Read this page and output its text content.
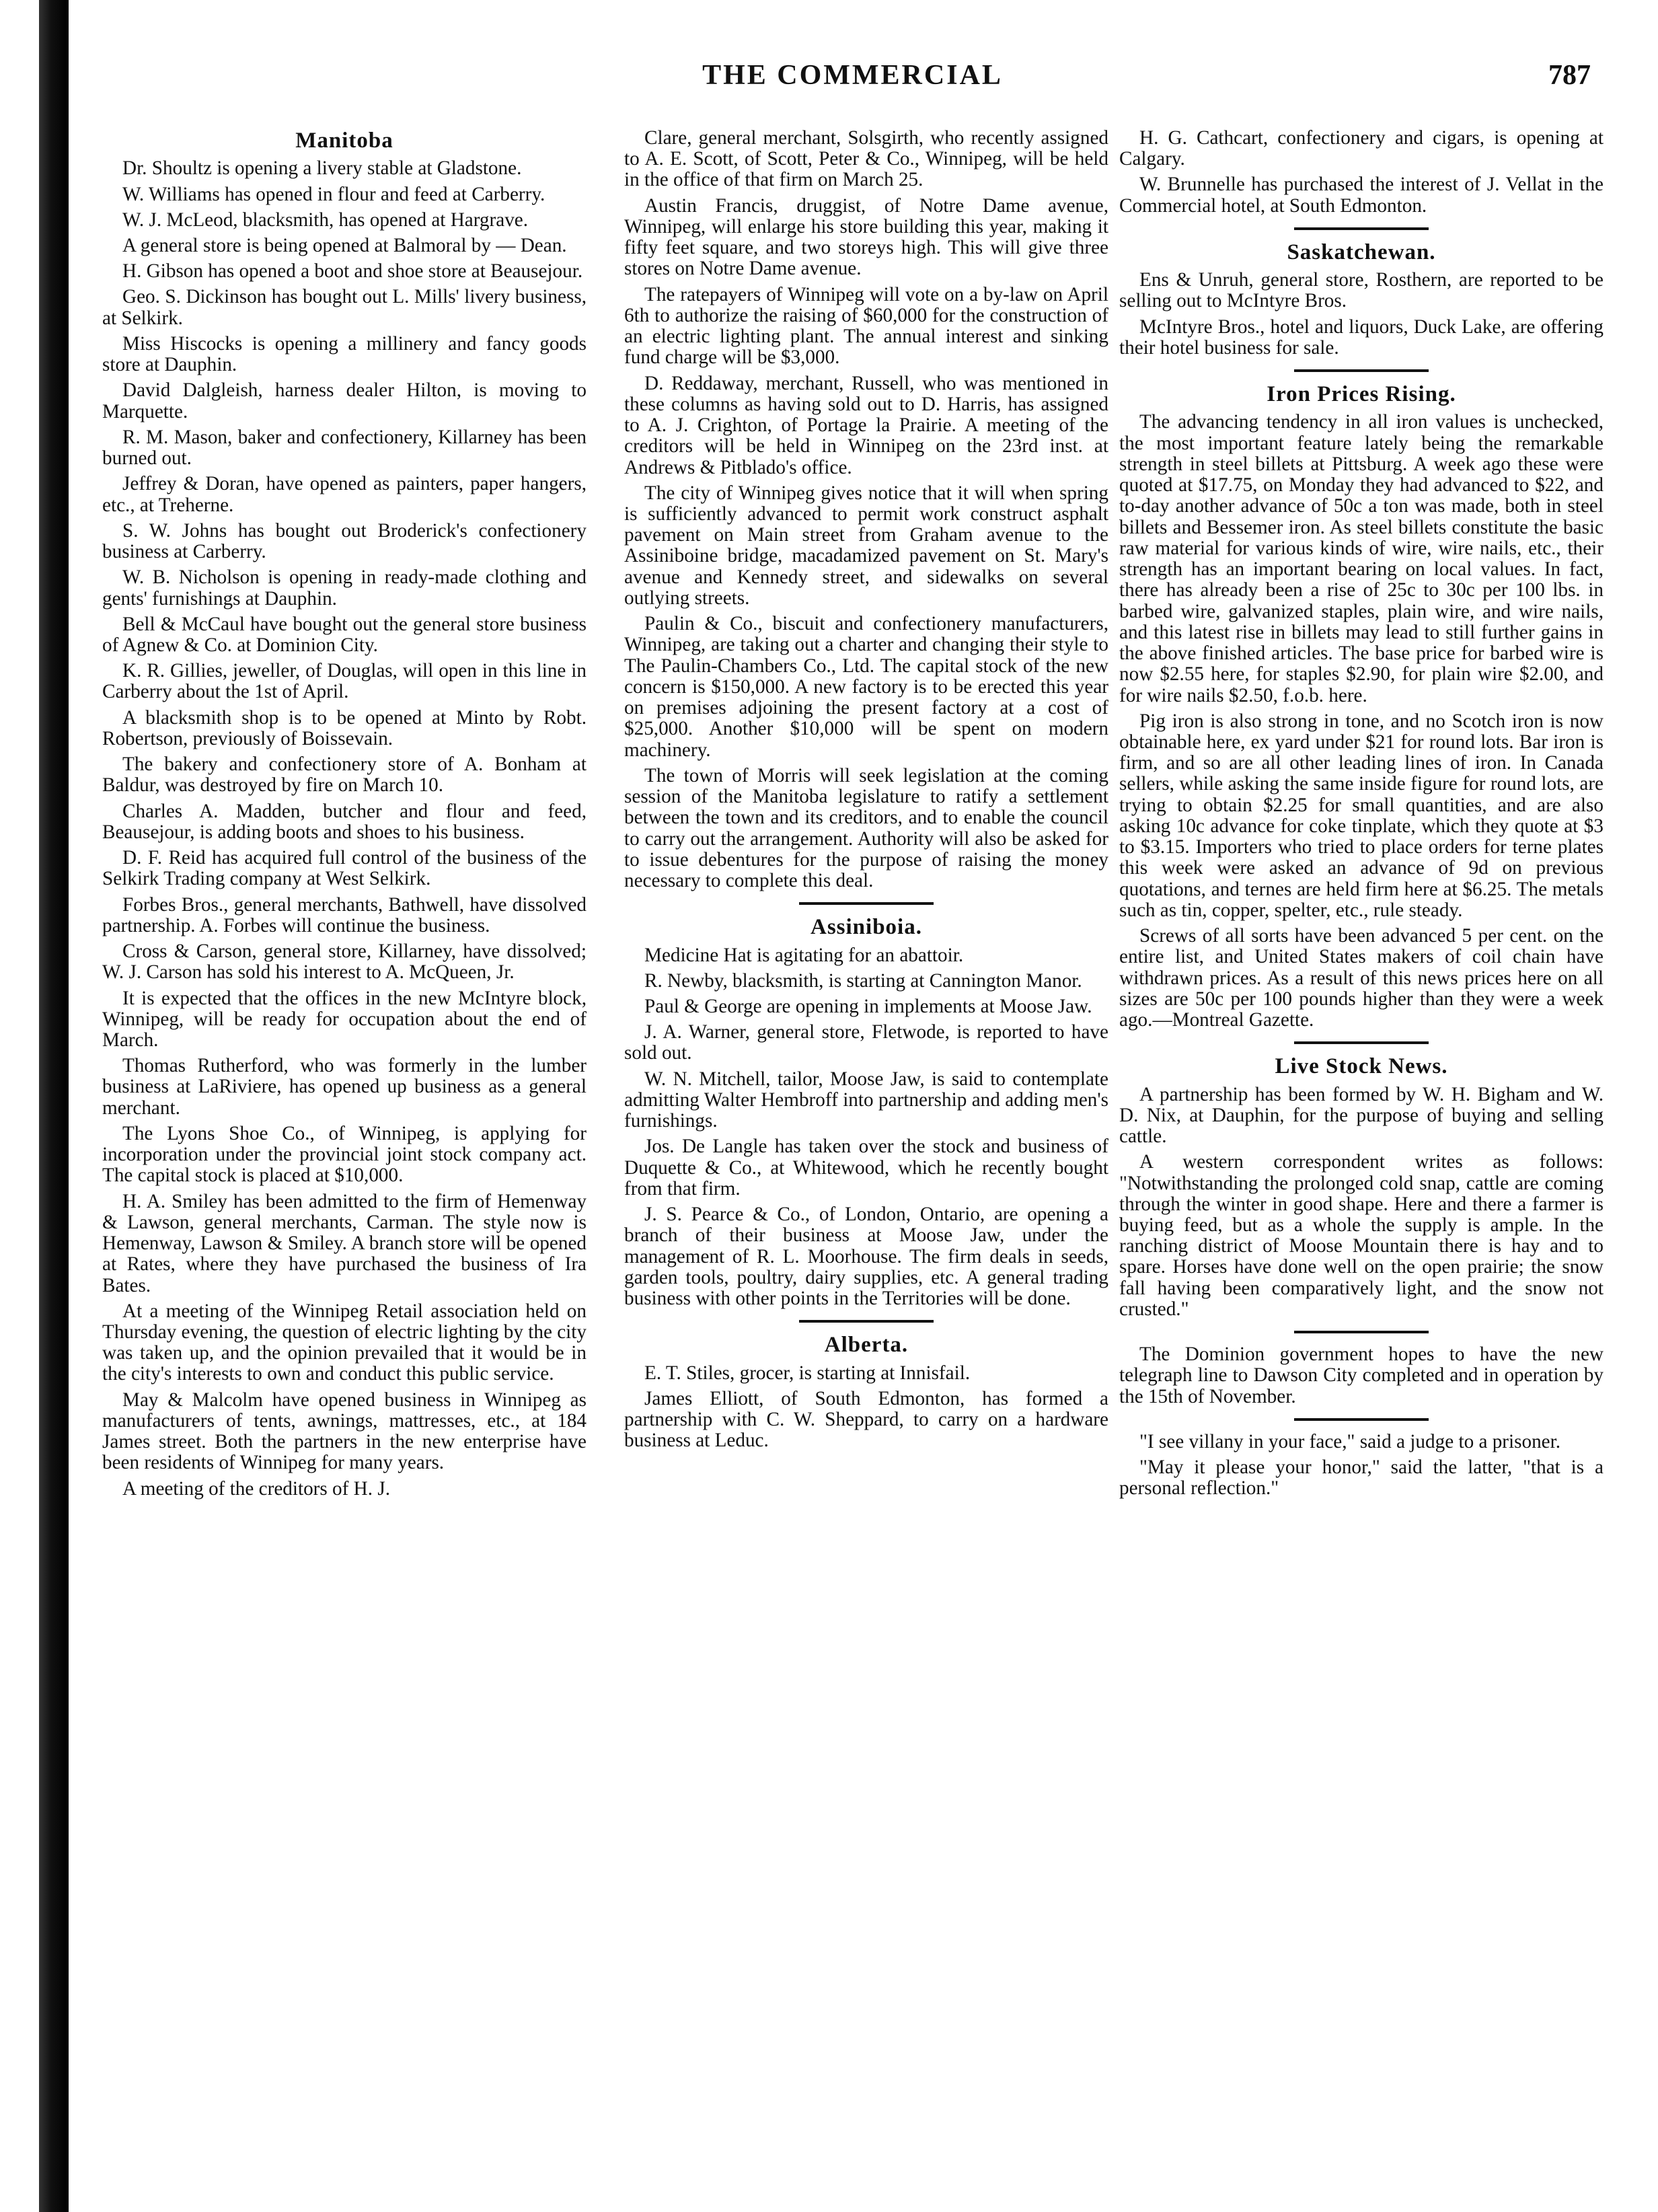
THE COMMERCIAL	787
Manitoba

Dr. Shoultz is opening a livery stable at Gladstone.

W. Williams has opened in flour and feed at Carberry.

W. J. McLeod, blacksmith, has opened at Hargrave.

A general store is being opened at Balmoral by — Dean.

H. Gibson has opened a boot and shoe store at Beausejour.

Geo. S. Dickinson has bought out L. Mills' livery business, at Selkirk.

Miss Hiscocks is opening a millinery and fancy goods store at Dauphin.

David Dalgleish, harness dealer Hilton, is moving to Marquette.

R. M. Mason, baker and confectionery, Killarney has been burned out.

Jeffrey & Doran, have opened as painters, paper hangers, etc., at Treherne.

S. W. Johns has bought out Broderick's confectionery business at Carberry.

W. B. Nicholson is opening in ready-made clothing and gents' furnishings at Dauphin.

Bell & McCaul have bought out the general store business of Agnew & Co. at Dominion City.

K. R. Gillies, jeweller, of Douglas, will open in this line in Carberry about the 1st of April.

A blacksmith shop is to be opened at Minto by Robt. Robertson, previously of Boissevain.

The bakery and confectionery store of A. Bonham at Baldur, was destroyed by fire on March 10.

Charles A. Madden, butcher and flour and feed, Beausejour, is adding boots and shoes to his business.

D. F. Reid has acquired full control of the business of the Selkirk Trading company at West Selkirk.

Forbes Bros., general merchants, Bathwell, have dissolved partnership. A. Forbes will continue the business.

Cross & Carson, general store, Killarney, have dissolved; W. J. Carson has sold his interest to A. McQueen, Jr.

It is expected that the offices in the new McIntyre block, Winnipeg, will be ready for occupation about the end of March.

Thomas Rutherford, who was formerly in the lumber business at LaRiviere, has opened up business as a general merchant.

The Lyons Shoe Co., of Winnipeg, is applying for incorporation under the provincial joint stock company act. The capital stock is placed at $10,000.

H. A. Smiley has been admitted to the firm of Hemenway & Lawson, general merchants, Carman. The style now is Hemenway, Lawson & Smiley. A branch store will be opened at Rates, where they have purchased the business of Ira Bates.

At a meeting of the Winnipeg Retail association held on Thursday evening, the question of electric lighting by the city was taken up, and the opinion prevailed that it would be in the city's interests to own and conduct this public service.

May & Malcolm have opened business in Winnipeg as manufacturers of tents, awnings, mattresses, etc., at 184 James street. Both the partners in the new enterprise have been residents of Winnipeg for many years.

A meeting of the creditors of H. J.

Clare, general merchant, Solsgirth, who recently assigned to A. E. Scott, of Scott, Peter & Co., Winnipeg, will be held in the office of that firm on March 25.

Austin Francis, druggist, of Notre Dame avenue, Winnipeg, will enlarge his store building this year, making it fifty feet square, and two storeys high. This will give three stores on Notre Dame avenue.

The ratepayers of Winnipeg will vote on a by-law on April 6th to authorize the raising of $60,000 for the construction of an electric lighting plant. The annual interest and sinking fund charge will be $3,000.

D. Reddaway, merchant, Russell, who was mentioned in these columns as having sold out to D. Harris, has assigned to A. J. Crighton, of Portage la Prairie. A meeting of the creditors will be held in Winnipeg on the 23rd inst. at Andrews & Pitblado's office.

The city of Winnipeg gives notice that it will when spring is sufficiently advanced to permit work construct asphalt pavement on Main street from Graham avenue to the Assiniboine bridge, macadamized pavement on St. Mary's avenue and Kennedy street, and sidewalks on several outlying streets.

Paulin & Co., biscuit and confectionery manufacturers, Winnipeg, are taking out a charter and changing their style to The Paulin-Chambers Co., Ltd. The capital stock of the new concern is $150,000. A new factory is to be erected this year on premises adjoining the present factory at a cost of $25,000. Another $10,000 will be spent on modern machinery.

The town of Morris will seek legislation at the coming session of the Manitoba legislature to ratify a settlement between the town and its creditors, and to enable the council to carry out the arrangement. Authority will also be asked for to issue debentures for the purpose of raising the money necessary to complete this deal.

Assiniboia.

Medicine Hat is agitating for an abattoir.

R. Newby, blacksmith, is starting at Cannington Manor.

Paul & George are opening in implements at Moose Jaw.

J. A. Warner, general store, Fletwode, is reported to have sold out.

W. N. Mitchell, tailor, Moose Jaw, is said to contemplate admitting Walter Hembroff into partnership and adding men's furnishings.

Jos. De Langle has taken over the stock and business of Duquette & Co., at Whitewood, which he recently bought from that firm.

J. S. Pearce & Co., of London, Ontario, are opening a branch of their business at Moose Jaw, under the management of R. L. Moorhouse. The firm deals in seeds, garden tools, poultry, dairy supplies, etc. A general trading business with other points in the Territories will be done.

Alberta.

E. T. Stiles, grocer, is starting at Innisfail.

James Elliott, of South Edmonton, has formed a partnership with C. W. Sheppard, to carry on a hardware business at Leduc.

H. G. Cathcart, confectionery and cigars, is opening at Calgary.

W. Brunnelle has purchased the interest of J. Vellat in the Commercial hotel, at South Edmonton.

Saskatchewan.

Ens & Unruh, general store, Rosthern, are reported to be selling out to McIntyre Bros.

McIntyre Bros., hotel and liquors, Duck Lake, are offering their hotel business for sale.

Iron Prices Rising.

The advancing tendency in all iron values is unchecked, the most important feature lately being the remarkable strength in steel billets at Pittsburg. A week ago these were quoted at $17.75, on Monday they had advanced to $22, and to-day another advance of 50c a ton was made, both in steel billets and Bessemer iron. As steel billets constitute the basic raw material for various kinds of wire, wire nails, etc., their strength has an important bearing on local values. In fact, there has already been a rise of 25c to 30c per 100 lbs. in barbed wire, galvanized staples, plain wire, and wire nails, and this latest rise in billets may lead to still further gains in the above finished articles. The base price for barbed wire is now $2.55 here, for staples $2.90, for plain wire $2.00, and for wire nails $2.50, f.o.b. here.

Pig iron is also strong in tone, and no Scotch iron is now obtainable here, ex yard under $21 for round lots. Bar iron is firm, and so are all other leading lines of iron. In Canada sellers, while asking the same inside figure for round lots, are trying to obtain $2.25 for small quantities, and are also asking 10c advance for coke tinplate, which they quote at $3 to $3.15. Importers who tried to place orders for terne plates this week were asked an advance of 9d on previous quotations, and ternes are held firm here at $6.25. The metals such as tin, copper, spelter, etc., rule steady.

Screws of all sorts have been advanced 5 per cent. on the entire list, and United States makers of coil chain have withdrawn prices. As a result of this news prices here on all sizes are 50c per 100 pounds higher than they were a week ago.—Montreal Gazette.

Live Stock News.

A partnership has been formed by W. H. Bigham and W. D. Nix, at Dauphin, for the purpose of buying and selling cattle.

A western correspondent writes as follows: "Notwithstanding the prolonged cold snap, cattle are coming through the winter in good shape. Here and there a farmer is buying feed, but as a whole the supply is ample. In the ranching district of Moose Mountain there is hay and to spare. Horses have done well on the open prairie; the snow fall having been comparatively light, and the snow not crusted."

The Dominion government hopes to have the new telegraph line to Dawson City completed and in operation by the 15th of November.

"I see villany in your face," said a judge to a prisoner.

"May it please your honor," said the latter, "that is a personal reflection."
